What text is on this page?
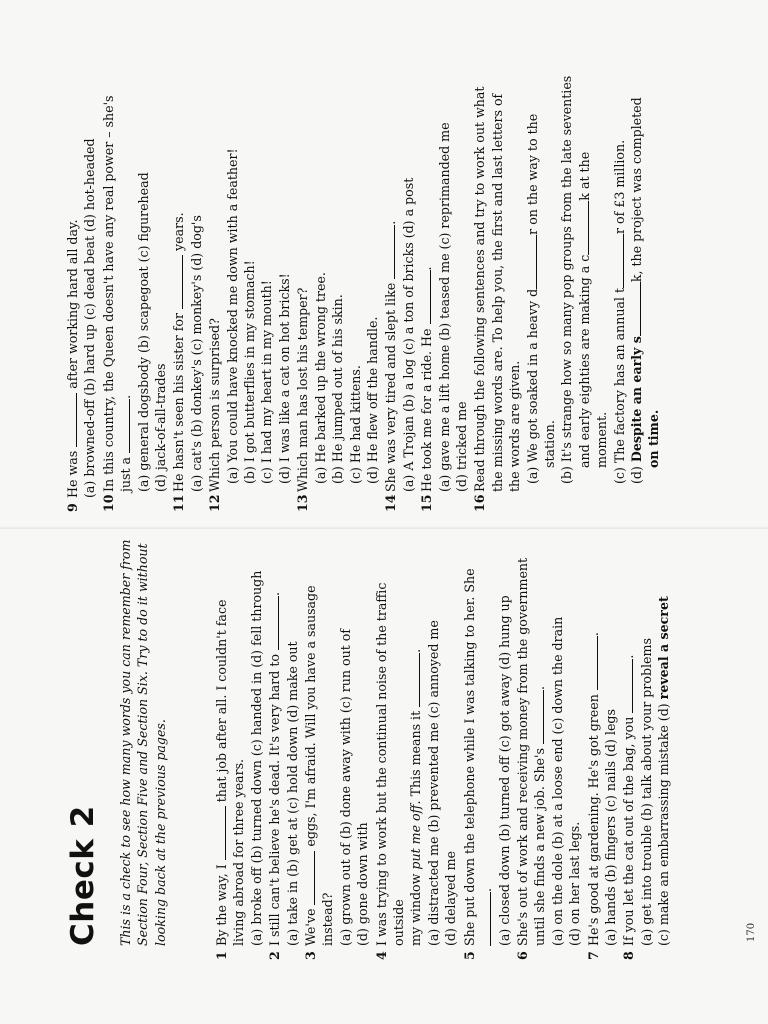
Check 2 This is a check to see how many words you can remember from Section Four, Section Five and Section Six. Try to do it without looking back at the previous pages.

1
By the way, I  that job after all. I couldn't face
living abroad for three years. (a) broke off (b) turned down (c) handed in (d) fell through
2
I still can't believe he's dead. It's very hard to .
(a) take in (b) get at (c) hold down (d) make out
3
We've  eggs, I'm afraid. Will you have a sausage
instead? (a) grown out of (b) done away with (c) run out of (d) gone down with
4
I was trying to work but the continual noise of the traffic outside my window put me off. This means it . (a) distracted me (b) prevented me (c) annoyed me (d) delayed me
5
She put down the telephone while I was talking to her. She . (a) closed down (b) turned off (c) got away (d) hung up
6
She's out of work and receiving money from the government until she finds a new job. She's . (a) on the dole (b) at a loose end (c) down the drain (d) on her last legs.
7
He's good at gardening. He's got green .
(a) hands (b) fingers (c) nails (d) legs
8
If you let the cat out of the bag, you . (a) get into trouble (b) talk about your problems (c) make an embarrassing mistake (d) reveal a secret
9
He was  after working hard all day. (a) browned-off (b) hard up (c) dead beat (d) hot-headed
10
In this country, the Queen doesn't have any real power – she's just a . (a) general dogsbody (b) scapegoat (c) figurehead (d) jack-of-all-trades
11
He hasn't seen his sister for  years. (a) cat's (b) donkey's (c) monkey's (d) dog's
12
Which person is surprised? (a) You could have knocked me down with a feather! (b) I got butterflies in my stomach! (c) I had my heart in my mouth! (d) I was like a cat on hot bricks!
13
Which man has lost his temper? (a) He barked up the wrong tree. (b) He jumped out of his skin. (c) He had kittens. (d) He flew off the handle.
14
She was very tired and slept like . (a) A Trojan (b) a log (c) a ton of bricks (d) a post
15
He took me for a ride. He . (a) gave me a lift home (b) teased me (c) reprimanded me (d) tricked me
16
Read through the following sentences and try to work out what the missing words are. To help you, the first and last letters of the words are given. (a) We got soaked in a heavy dr on the way to the
station.
(b) It's strange how so many pop groups from the late seventies and early eighties are making a ck at the
moment.
(c) The factory has an annual tr of £3 million.
(d) Despite an early sk, the project was completed
on time.
170
